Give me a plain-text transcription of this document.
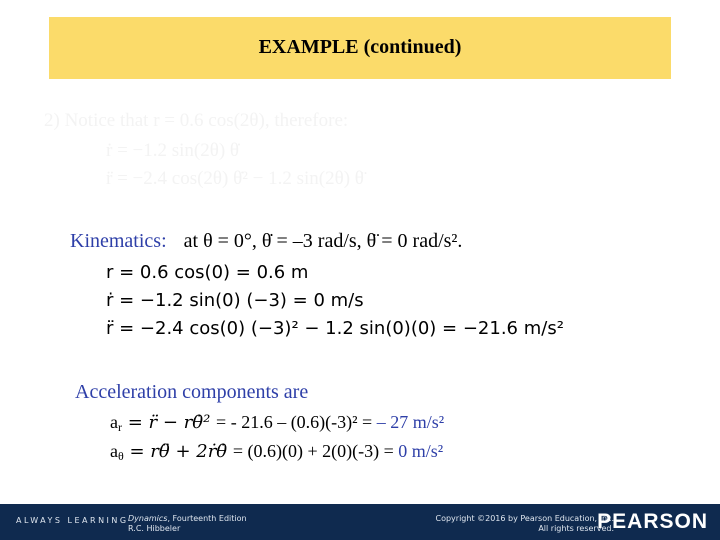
EXAMPLE (continued)
2) Notice that r = 0.6 cos(2θ), therefore:
ṙ = −1.2 sin(2θ) θ̇
r̈ = −2.4 cos(2θ) θ̇² − 1.2 sin(2θ) θ̈
Kinematics: at θ = 0°, θ̇ = –3 rad/s, θ̈ = 0 rad/s².
r = 0.6 cos(0) = 0.6 m
ṙ = −1.2 sin(0) (−3) = 0 m/s
r̈ = −2.4 cos(0) (−3)² − 1.2 sin(0)(0) = −21.6 m/s²
Acceleration components are
$a_r$ = r̈ − rθ̇² = - 21.6 – (0.6)(-3)² = – 27 m/s²
$a_\theta$ = rθ̈ + 2ṙθ̇ = (0.6)(0) + 2(0)(-3) = 0 m/s²
ALWAYS LEARNING Dynamics, Fourteenth Edition
R.C. Hibbeler
Copyright ©2016 by Pearson Education, Inc.
All rights reserved.
PEARSON
